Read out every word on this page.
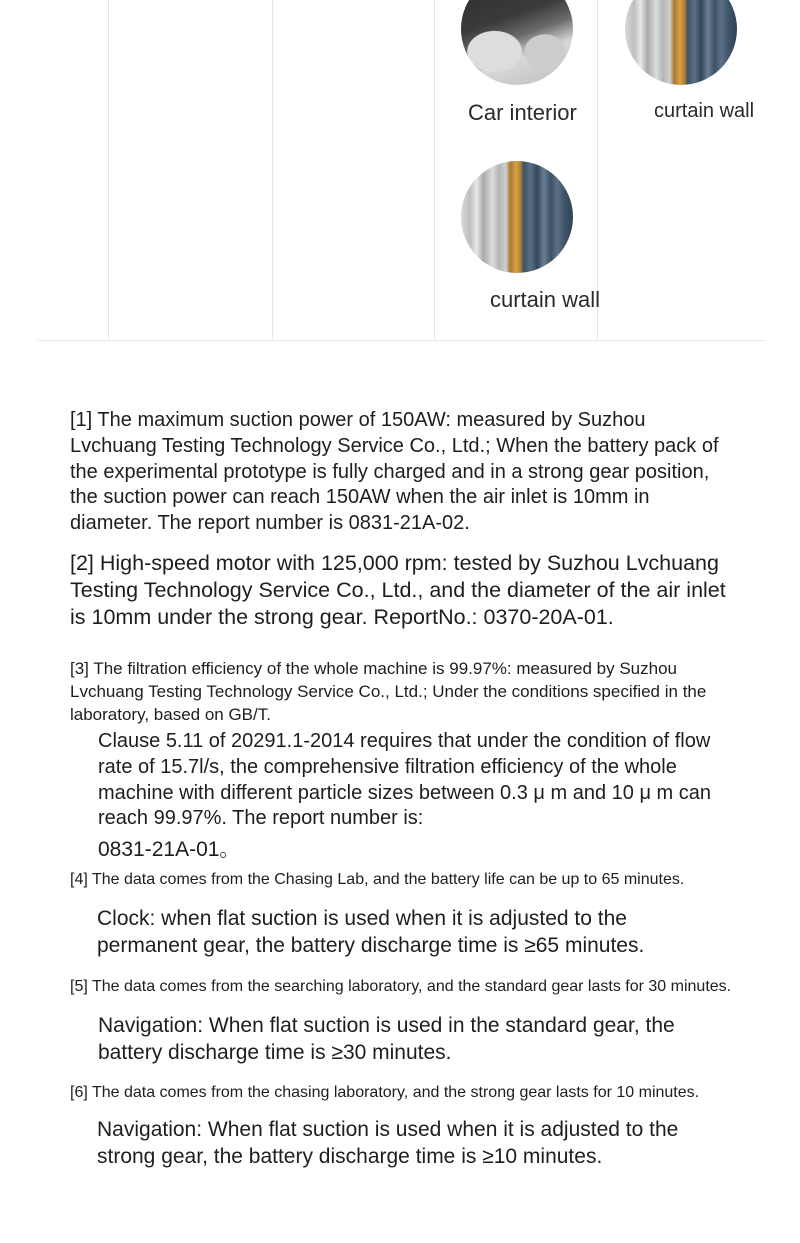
Car interior	curtain wall
curtain wall
[1] The maximum suction power of 150AW: measured by Suzhou Lvchuang Testing Technology Service Co., Ltd.; When the battery pack of the experimental prototype is fully charged and in a strong gear position, the suction power can reach 150AW when the air inlet is 10mm in diameter. The report number is 0831-21A-02.
[2] High-speed motor with 125,000 rpm: tested by Suzhou Lvchuang Testing Technology Service Co., Ltd., and the diameter of the air inlet is 10mm under the strong gear. ReportNo.: 0370-20A-01.
[3] The filtration efficiency of the whole machine is 99.97%: measured by Suzhou Lvchuang Testing Technology Service Co., Ltd.; Under the conditions specified in the laboratory, based on GB/T.
Clause 5.11 of 20291.1-2014 requires that under the condition of flow rate of 15.7l/s, the comprehensive filtration efficiency of the whole machine with different particle sizes between 0.3 μ m and 10 μ m can reach 99.97%. The report number is:
0831-21A-01。
[4] The data comes from the Chasing Lab, and the battery life can be up to 65 minutes.
Clock: when flat suction is used when it is adjusted to the permanent gear, the battery discharge time is ≥65 minutes.
[5] The data comes from the searching laboratory, and the standard gear lasts for 30 minutes.
Navigation: When flat suction is used in the standard gear, the battery discharge time is ≥30 minutes.
[6] The data comes from the chasing laboratory, and the strong gear lasts for 10 minutes.
Navigation: When flat suction is used when it is adjusted to the strong gear, the battery discharge time is ≥10 minutes.
